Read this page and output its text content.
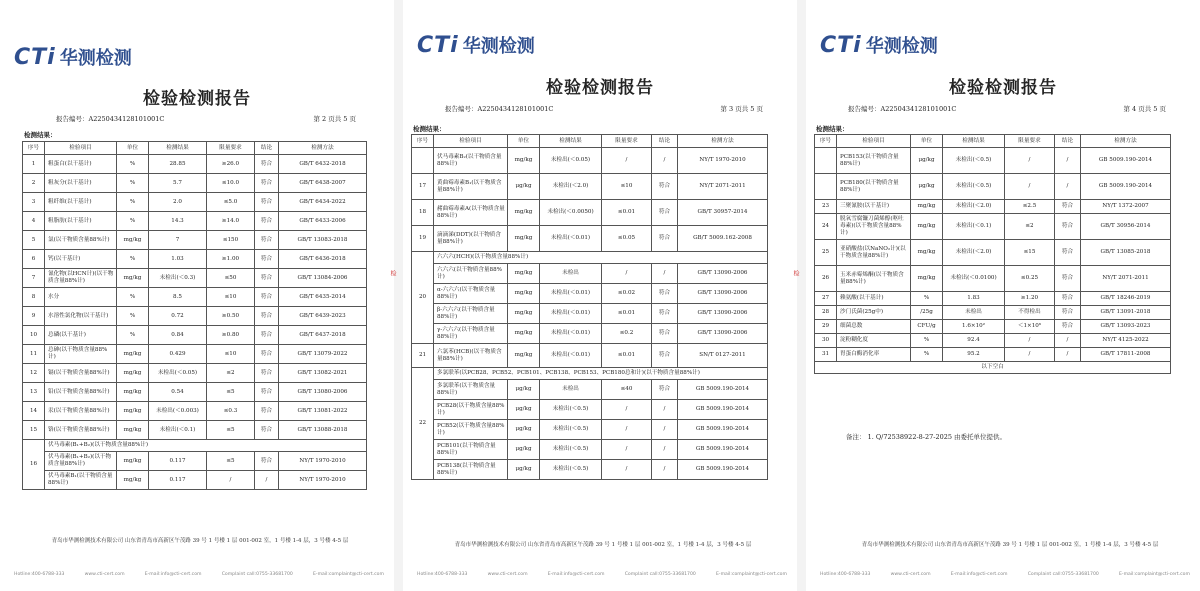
CTi 华测检测
检验检测报告
报告编号：A2250434128101001C	第 2 页共 5 页
检测结果：
序号	检验项目	单位	检测结果	限量要求	结论	检测方法
1	粗蛋白(以干基计)	%	28.85	≥26.0	符合	GB/T 6432-2018
2	粗灰分(以干基计)	%	5.7	≤10.0	符合	GB/T 6438-2007
3	粗纤维(以干基计)	%	2.0	≤5.0	符合	GB/T 6434-2022
4	粗脂肪(以干基计)	%	14.3	≥14.0	符合	GB/T 6433-2006
5	氯(以干物质含量88%计)	mg/kg	7	≤150	符合	GB/T 13083-2018
6	钙(以干基计)	%	1.03	≥1.00	符合	GB/T 6436-2018
7	氰化物(以HCN计)(以干物质含量88%计)	mg/kg	未检出(＜0.3)	≤50	符合	GB/T 13084-2006
8	水分	%	8.5	≤10	符合	GB/T 6435-2014
9	水溶性氯化物(以干基计)	%	0.72	≥0.50	符合	GB/T 6439-2023
10	总磷(以干基计)	%	0.84	≥0.80	符合	GB/T 6437-2018
11	总砷(以干物质含量88%计)	mg/kg	0.429	≤10	符合	GB/T 13079-2022
12	镉(以干物质含量88%计)	mg/kg	未检出(＜0.05)	≤2	符合	GB/T 13082-2021
13	铅(以干物质含量88%计)	mg/kg	0.54	≤5	符合	GB/T 13080-2006
14	汞(以干物质含量88%计)	mg/kg	未检出(＜0.003)	≤0.3	符合	GB/T 13081-2022
15	铬(以干物质含量88%计)	mg/kg	未检出(＜0.1)	≤5	符合	GB/T 13088-2018
16	伏马毒素(B₁+B₂)(以干物质含量88%计)					
	伏马毒素(B₁+B₂)(以干物质含量88%计)	mg/kg	0.117	≤5	符合	NY/T 1970-2010
	伏马毒素B₁(以干物质含量88%计)	mg/kg	0.117	/	/	NY/T 1970-2010
青岛市华测检测技术有限公司 山东省青岛市高新区午茂路 39 号 1 号楼 1 层 001-002 室，1 号楼 1-4 层，3 号楼 4-5 层
Hotline:400-6788-333	www.cti-cert.com	E-mail:info@cti-cert.com	Complaint call:0755-33681700	E-mail:complaint@cti-cert.com
检
CTi 华测检测
检验检测报告
报告编号：A2250434128101001C	第 3 页共 5 页
检测结果：
序号	检验项目	单位	检测结果	限量要求	结论	检测方法
	伏马毒素B₂(以干物质含量88%计)	mg/kg	未检出(＜0.05)	/	/	NY/T 1970-2010
17	黄曲霉毒素B₁(以干物质含量88%计)	μg/kg	未检出(＜2.0)	≤10	符合	NY/T 2071-2011
18	赭曲霉毒素A(以干物质含量88%计)	mg/kg	未检出(＜0.0050)	≤0.01	符合	GB/T 30957-2014
19	滴滴涕(DDT)(以干物质含量88%计)	mg/kg	未检出(＜0.01)	≤0.05	符合	GB/T 5009.162-2008
20	六六六(HCH)(以干物质含量88%计)					
	六六六(以干物质含量88%计)	mg/kg	未检出	/	/	GB/T 13090-2006
	α-六六六(以干物质含量88%计)	mg/kg	未检出(＜0.01)	≤0.02	符合	GB/T 13090-2006
	β-六六六(以干物质含量88%计)	mg/kg	未检出(＜0.01)	≤0.01	符合	GB/T 13090-2006
	γ-六六六(以干物质含量88%计)	mg/kg	未检出(＜0.01)	≤0.2	符合	GB/T 13090-2006
21	六氯苯(HCB)(以干物质含量88%计)	mg/kg	未检出(＜0.01)	≤0.01	符合	SN/T 0127-2011
22	多氯联苯(以PCB28、PCB52、PCB101、PCB138、PCB153、PCB180总和计)(以干物质含量88%计)					
	多氯联苯(以干物质含量88%计)	μg/kg	未检出	≤40	符合	GB 5009.190-2014
	PCB28(以干物质含量88%计)	μg/kg	未检出(＜0.5)	/	/	GB 5009.190-2014
	PCB52(以干物质含量88%计)	μg/kg	未检出(＜0.5)	/	/	GB 5009.190-2014
	PCB101(以干物质含量88%计)	μg/kg	未检出(＜0.5)	/	/	GB 5009.190-2014
	PCB138(以干物质含量88%计)	μg/kg	未检出(＜0.5)	/	/	GB 5009.190-2014
青岛市华测检测技术有限公司 山东省青岛市高新区午茂路 39 号 1 号楼 1 层 001-002 室，1 号楼 1-4 层，3 号楼 4-5 层
Hotline:400-6788-333	www.cti-cert.com	E-mail:info@cti-cert.com	Complaint call:0755-33681700	E-mail:complaint@cti-cert.com
检
CTi 华测检测
检验检测报告
报告编号：A2250434128101001C	第 4 页共 5 页
检测结果：
序号	检验项目	单位	检测结果	限量要求	结论	检测方法
	PCB153(以干物质含量88%计)	μg/kg	未检出(＜0.5)	/	/	GB 5009.190-2014
	PCB180(以干物质含量88%计)	μg/kg	未检出(＜0.5)	/	/	GB 5009.190-2014
23	三聚氰胺(以干基计)	mg/kg	未检出(＜2.0)	≤2.5	符合	NY/T 1372-2007
24	脱氧雪腐镰刀菌烯醇(呕吐毒素)(以干物质含量88%计)	mg/kg	未检出(＜0.1)	≤2	符合	GB/T 30956-2014
25	亚硝酸盐(以NaNO₂计)(以干物质含量88%计)	mg/kg	未检出(＜2.0)	≤15	符合	GB/T 13085-2018
26	玉米赤霉烯酮(以干物质含量88%计)	mg/kg	未检出(＜0.0100)	≤0.25	符合	NY/T 2071-2011
27	赖氨酸(以干基计)	%	1.83	≥1.20	符合	GB/T 18246-2019
28	沙门氏菌(25g中)	/25g	未检出	不得检出	符合	GB/T 13091-2018
29	细菌总数	CFU/g	1.6×10²	＜1×10⁶	符合	GB/T 13093-2023
30	淀粉糊化度	%	92.4	/	/	NY/T 4125-2022
31	胃蛋白酶消化率	%	95.2	/	/	GB/T 17811-2008
以下空白						
备注： 1. Q/72538922-8-27-2025 由委托单位提供。
青岛市华测检测技术有限公司 山东省青岛市高新区午茂路 39 号 1 号楼 1 层 001-002 室，1 号楼 1-4 层，3 号楼 4-5 层
Hotline:400-6788-333	www.cti-cert.com	E-mail:info@cti-cert.com	Complaint call:0755-33681700	E-mail:complaint@cti-cert.com
